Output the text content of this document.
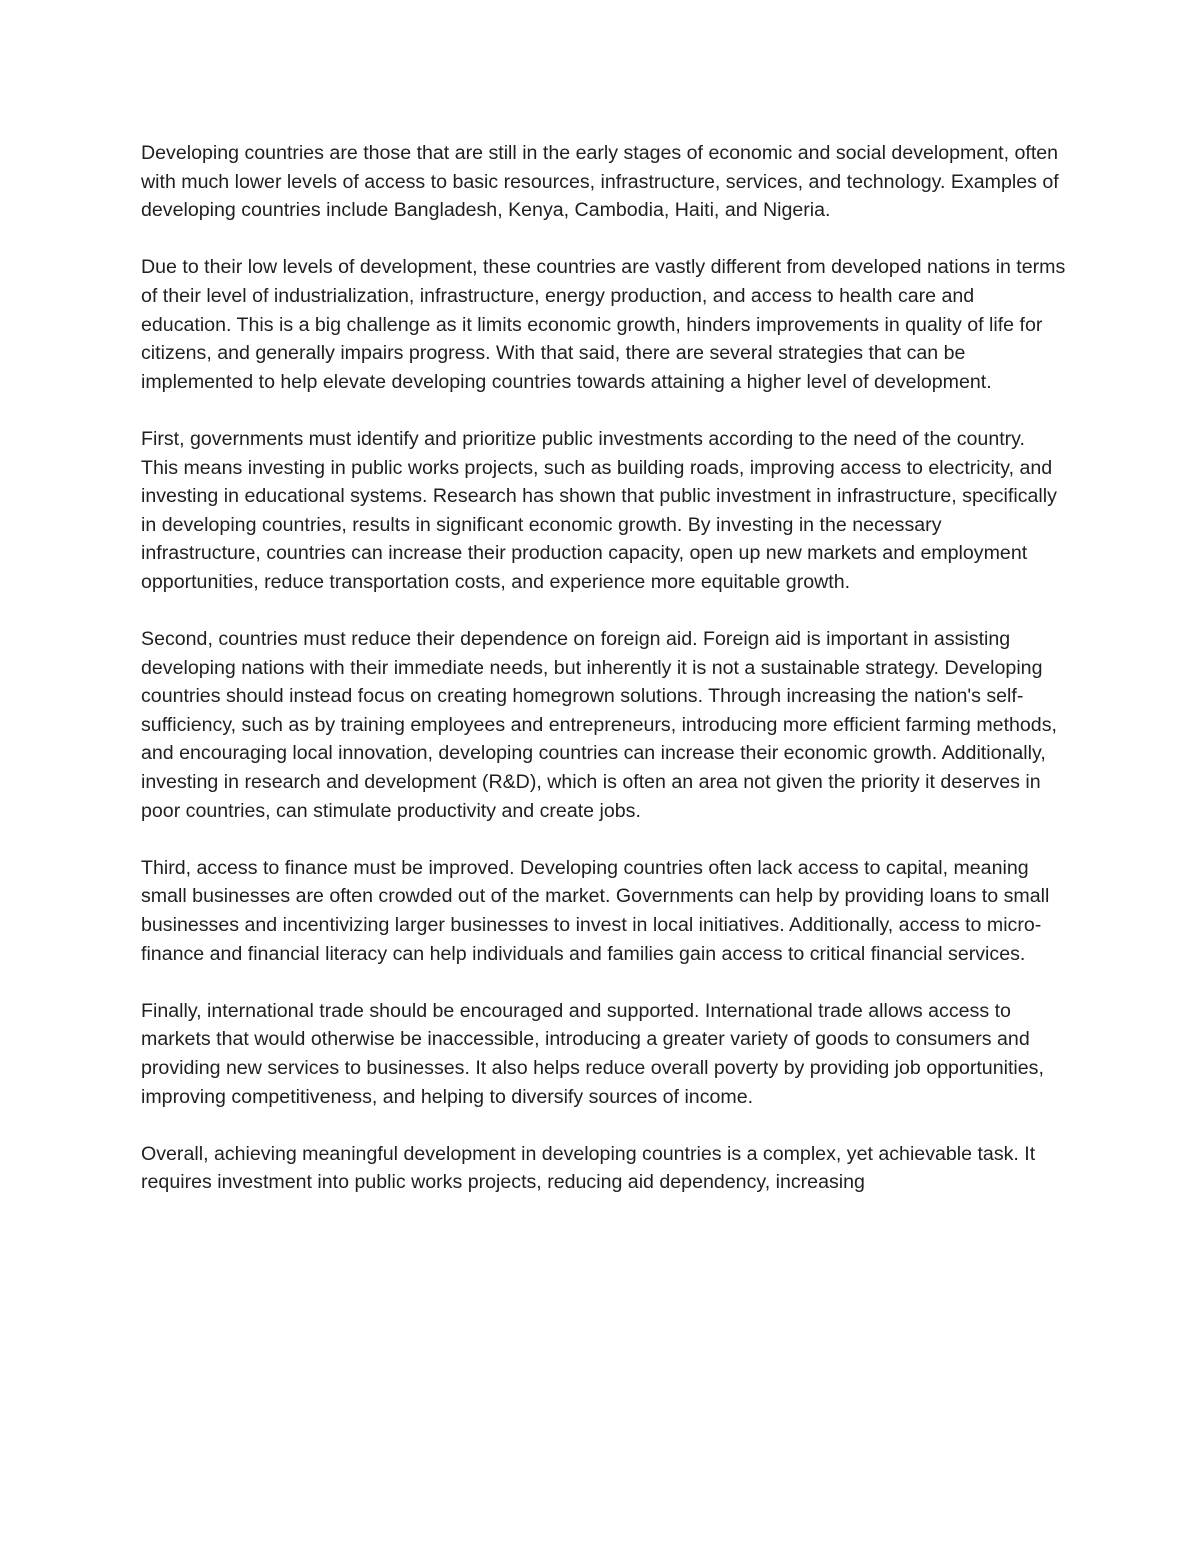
Developing countries are those that are still in the early stages of economic and social development, often with much lower levels of access to basic resources, infrastructure, services, and technology. Examples of developing countries include Bangladesh, Kenya, Cambodia, Haiti, and Nigeria.

Due to their low levels of development, these countries are vastly different from developed nations in terms of their level of industrialization, infrastructure, energy production, and access to health care and education. This is a big challenge as it limits economic growth, hinders improvements in quality of life for citizens, and generally impairs progress. With that said, there are several strategies that can be implemented to help elevate developing countries towards attaining a higher level of development.

First, governments must identify and prioritize public investments according to the need of the country. This means investing in public works projects, such as building roads, improving access to electricity, and investing in educational systems. Research has shown that public investment in infrastructure, specifically in developing countries, results in significant economic growth. By investing in the necessary infrastructure, countries can increase their production capacity, open up new markets and employment opportunities, reduce transportation costs, and experience more equitable growth.

Second, countries must reduce their dependence on foreign aid. Foreign aid is important in assisting developing nations with their immediate needs, but inherently it is not a sustainable strategy. Developing countries should instead focus on creating homegrown solutions. Through increasing the nation's self-sufficiency, such as by training employees and entrepreneurs, introducing more efficient farming methods, and encouraging local innovation, developing countries can increase their economic growth. Additionally, investing in research and development (R&D), which is often an area not given the priority it deserves in poor countries, can stimulate productivity and create jobs.

Third, access to finance must be improved. Developing countries often lack access to capital, meaning small businesses are often crowded out of the market. Governments can help by providing loans to small businesses and incentivizing larger businesses to invest in local initiatives. Additionally, access to micro-finance and financial literacy can help individuals and families gain access to critical financial services.

Finally, international trade should be encouraged and supported. International trade allows access to markets that would otherwise be inaccessible, introducing a greater variety of goods to consumers and providing new services to businesses. It also helps reduce overall poverty by providing job opportunities, improving competitiveness, and helping to diversify sources of income.

Overall, achieving meaningful development in developing countries is a complex, yet achievable task. It requires investment into public works projects, reducing aid dependency, increasing
